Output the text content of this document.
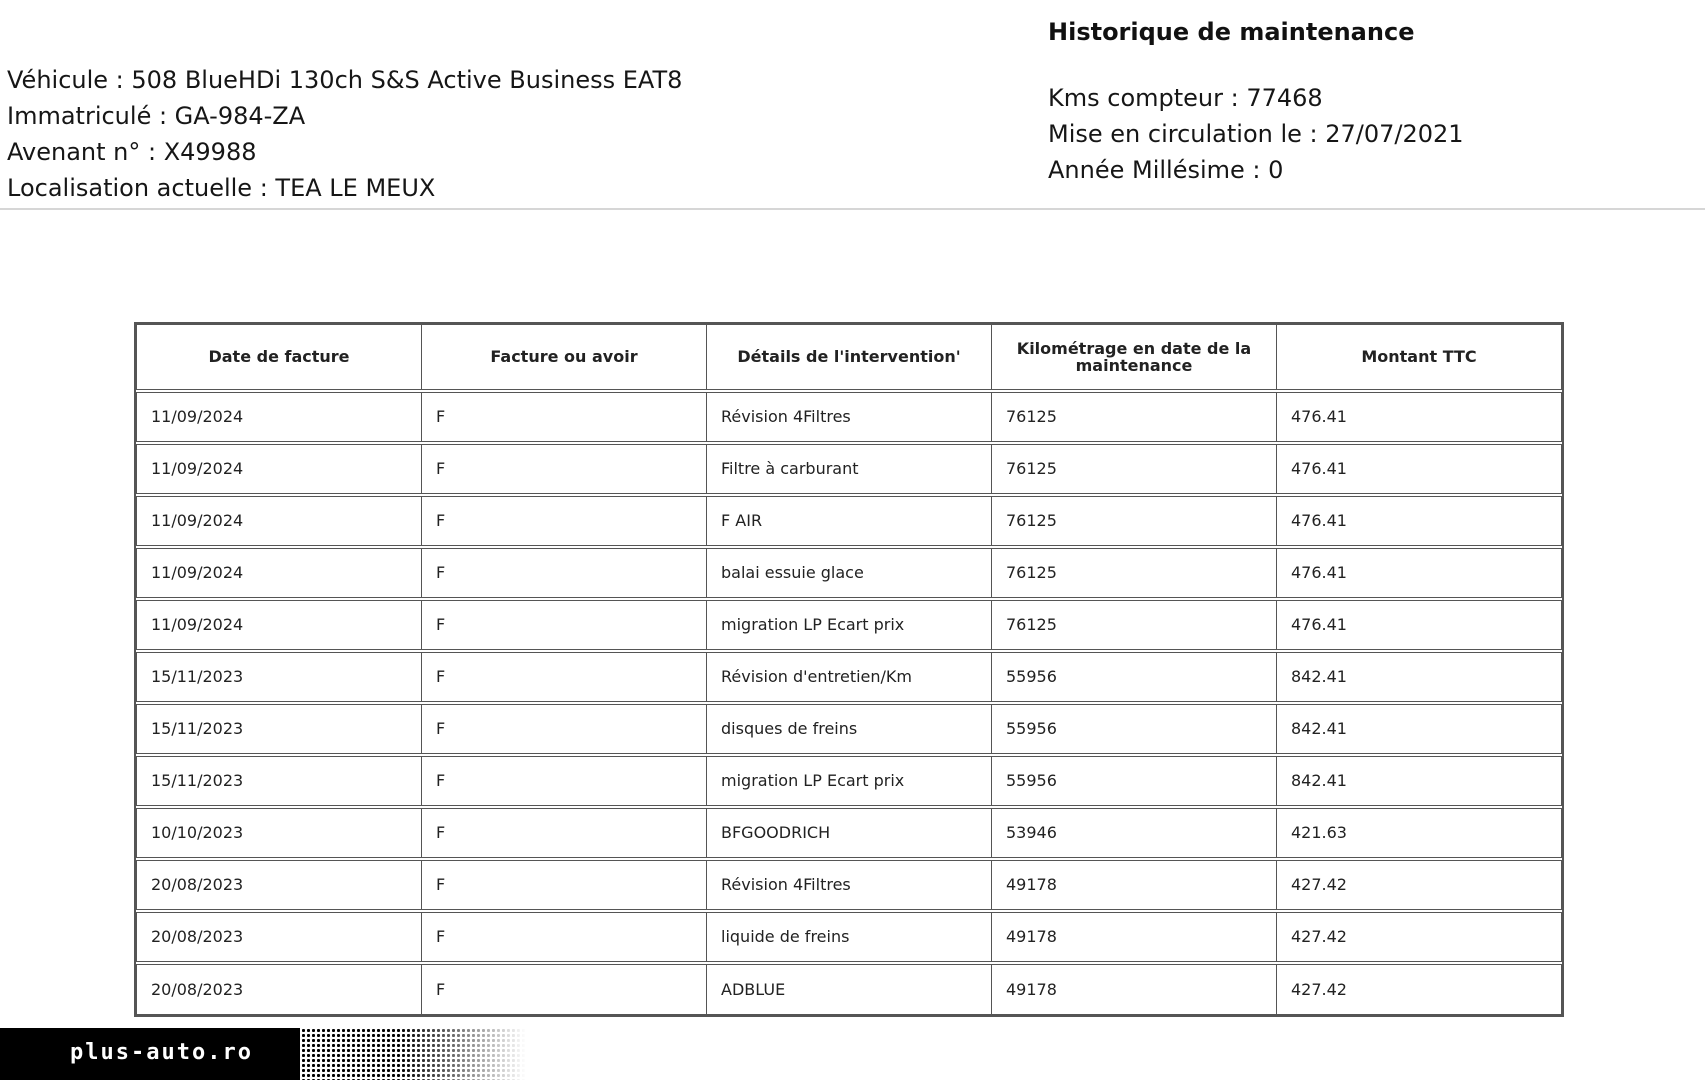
Véhicule : 508 BlueHDi 130ch S&S Active Business EAT8
Immatriculé : GA-984-ZA
Avenant n° : X49988
Localisation actuelle : TEA LE MEUX
Historique de maintenance
Kms compteur : 77468
Mise en circulation le : 27/07/2021
Année Millésime : 0
Date de facture	Facture ou avoir	Détails de l'intervention'	Kilométrage en date de la maintenance	Montant TTC
11/09/2024	F	Révision 4Filtres	76125	476.41
11/09/2024	F	Filtre à carburant	76125	476.41
11/09/2024	F	F AIR	76125	476.41
11/09/2024	F	balai essuie glace	76125	476.41
11/09/2024	F	migration LP Ecart prix	76125	476.41
15/11/2023	F	Révision d'entretien/Km	55956	842.41
15/11/2023	F	disques de freins	55956	842.41
15/11/2023	F	migration LP Ecart prix	55956	842.41
10/10/2023	F	BFGOODRICH	53946	421.63
20/08/2023	F	Révision 4Filtres	49178	427.42
20/08/2023	F	liquide de freins	49178	427.42
20/08/2023	F	ADBLUE	49178	427.42
plus-auto.ro
